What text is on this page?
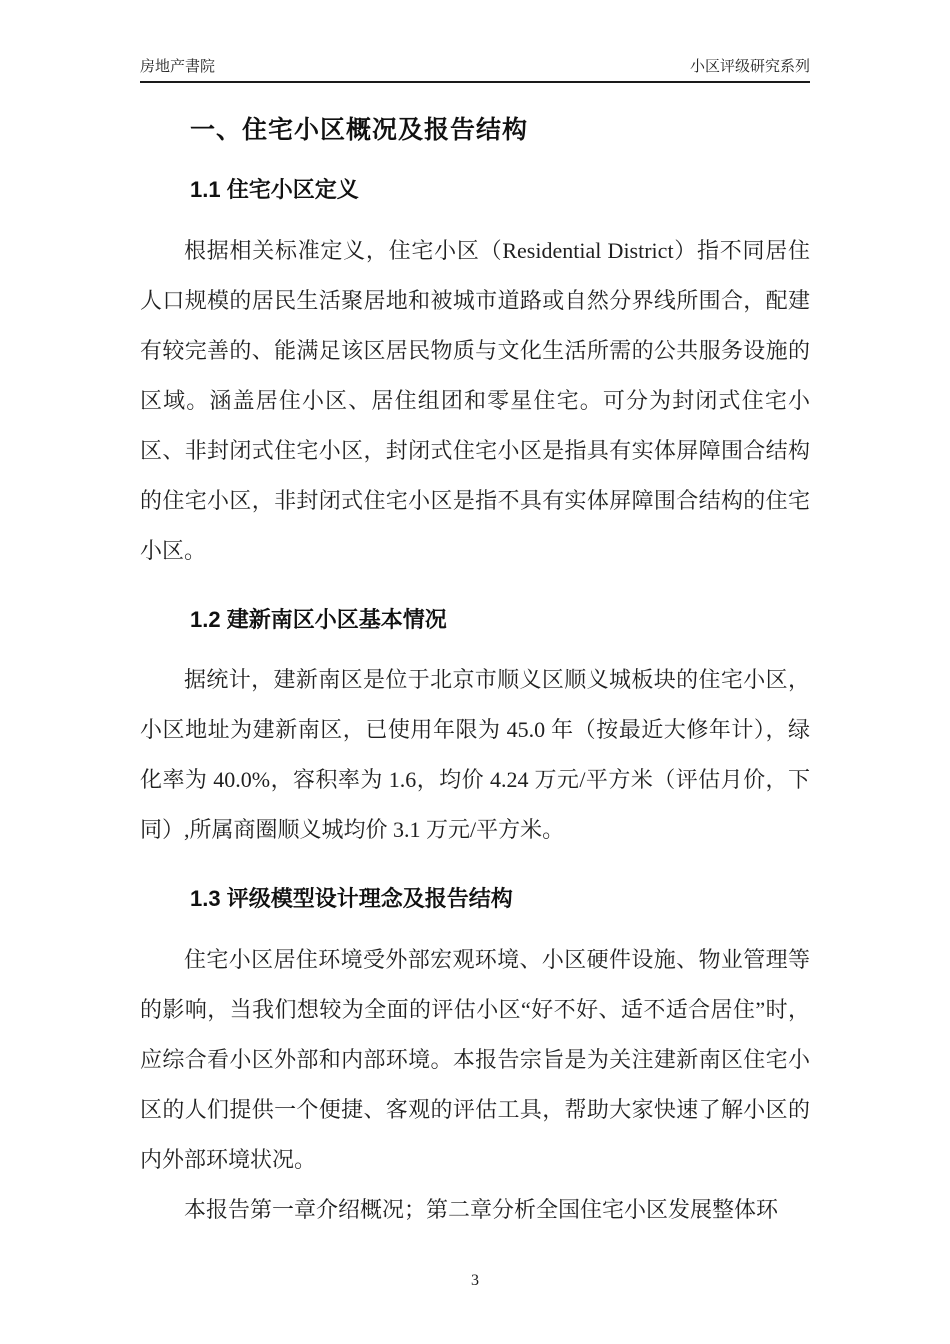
房地产書院	小区评级研究系列
一、住宅小区概况及报告结构
1.1 住宅小区定义

根据相关标准定义，住宅小区（Residential District）指不同居住人口规模的居民生活聚居地和被城市道路或自然分界线所围合，配建有较完善的、能满足该区居民物质与文化生活所需的公共服务设施的区域。涵盖居住小区、居住组团和零星住宅。可分为封闭式住宅小区、非封闭式住宅小区，封闭式住宅小区是指具有实体屏障围合结构的住宅小区，非封闭式住宅小区是指不具有实体屏障围合结构的住宅小区。

1.2 建新南区小区基本情况

据统计，建新南区是位于北京市顺义区顺义城板块的住宅小区，小区地址为建新南区，已使用年限为 45.0 年（按最近大修年计），绿化率为 40.0%，容积率为 1.6，均价 4.24 万元/平方米（评估月价，下同）,所属商圈顺义城均价 3.1 万元/平方米。

1.3 评级模型设计理念及报告结构

住宅小区居住环境受外部宏观环境、小区硬件设施、物业管理等的影响，当我们想较为全面的评估小区“好不好、适不适合居住”时，应综合看小区外部和内部环境。本报告宗旨是为关注建新南区住宅小区的人们提供一个便捷、客观的评估工具，帮助大家快速了解小区的内外部环境状况。

本报告第一章介绍概况；第二章分析全国住宅小区发展整体环

3
